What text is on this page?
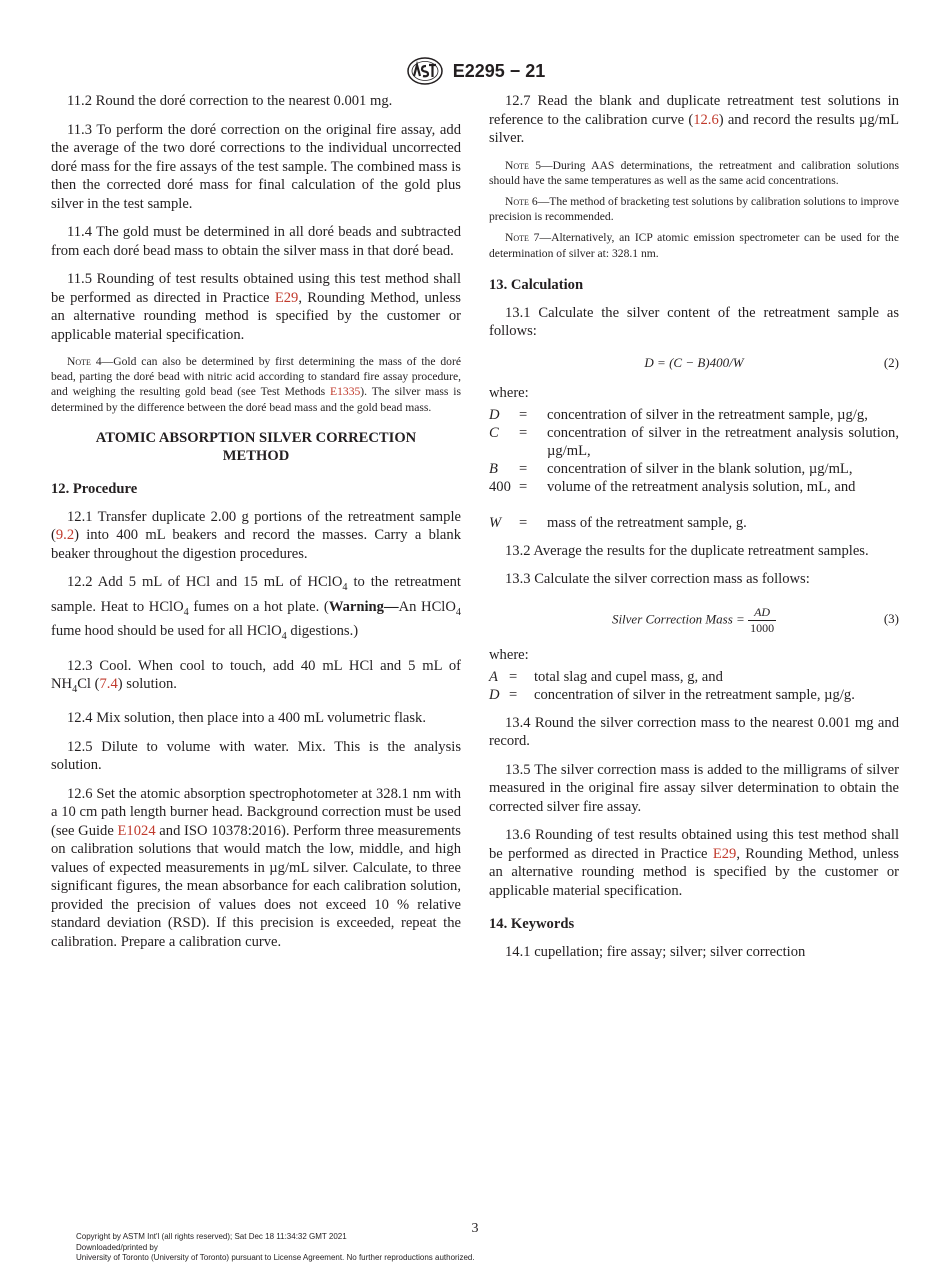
E2295 − 21

11.2 Round the doré correction to the nearest 0.001 mg.

11.3 To perform the doré correction on the original fire assay, add the average of the two doré corrections to the individual uncorrected doré mass for the fire assays of the test sample. The combined mass is then the corrected doré mass for final calculation of the gold plus silver in the test sample.

11.4 The gold must be determined in all doré beads and subtracted from each doré bead mass to obtain the silver mass in that doré bead.

11.5 Rounding of test results obtained using this test method shall be performed as directed in Practice E29, Rounding Method, unless an alternative rounding method is specified by the customer or applicable material specification.

Note 4—Gold can also be determined by first determining the mass of the doré bead, parting the doré bead with nitric acid according to standard fire assay procedure, and weighing the resulting gold bead (see Test Methods E1335). The silver mass is determined by the difference between the doré bead mass and the gold bead mass.

ATOMIC ABSORPTION SILVER CORRECTION
METHOD
12. Procedure

12.1 Transfer duplicate 2.00 g portions of the retreatment sample (9.2) into 400 mL beakers and record the masses. Carry a blank beaker throughout the digestion procedures.

12.2 Add 5 mL of HCl and 15 mL of HClO$_4$ to the retreatment sample. Heat to HClO$_4$ fumes on a hot plate. (Warning—An HClO$_4$ fume hood should be used for all HClO$_4$ digestions.)

12.3 Cool. When cool to touch, add 40 mL HCl and 5 mL of $NH_4Cl$ (7.4) solution.

12.4 Mix solution, then place into a 400 mL volumetric flask.

12.5 Dilute to volume with water. Mix. This is the analysis solution.

12.6 Set the atomic absorption spectrophotometer at 328.1 nm with a 10 cm path length burner head. Background correction must be used (see Guide E1024 and ISO 10378:2016). Perform three measurements on calibration solutions that would match the low, middle, and high values of expected measurements in µg/mL silver. Calculate, to three significant figures, the mean absorbance for each calibration solution, provided the precision of values does not exceed 10 % relative standard deviation (RSD). If this precision is exceeded, repeat the calibration. Prepare a calibration curve.

12.7 Read the blank and duplicate retreatment test solutions in reference to the calibration curve (12.6) and record the results µg/mL silver.

Note 5—During AAS determinations, the retreatment and calibration solutions should have the same temperatures as well as the same acid concentrations.

Note 6—The method of bracketing test solutions by calibration solutions to improve precision is recommended.

Note 7—Alternatively, an ICP atomic emission spectrometer can be used for the determination of silver at: 328.1 nm.

13. Calculation

13.1 Calculate the silver content of the retreatment sample as follows:

D = (C − B)400/W	(2)
where:
D	=	concentration of silver in the retreatment sample, µg/g,
C	=	concentration of silver in the retreatment analysis solution, µg/mL,
B	=	concentration of silver in the blank solution, µg/mL,
400 =	volume of the retreatment analysis solution, mL, and
W	=	mass of the retreatment sample, g.

13.2 Average the results for the duplicate retreatment samples.

13.3 Calculate the silver correction mass as follows:

Silver Correction Mass = $\frac{AD}{1000}$	(3)
where:
A =	total slag and cupel mass, g, and
D =	concentration of silver in the retreatment sample, µg/g.

13.4 Round the silver correction mass to the nearest 0.001 mg and record.

13.5 The silver correction mass is added to the milligrams of silver measured in the original fire assay silver determination to obtain the corrected silver fire assay.

13.6 Rounding of test results obtained using this test method shall be performed as directed in Practice E29, Rounding Method, unless an alternative rounding method is specified by the customer or applicable material specification.

14. Keywords

14.1 cupellation; fire assay; silver; silver correction

3
Copyright by ASTM Int'l (all rights reserved); Sat Dec 18 11:34:32 GMT 2021
Downloaded/printed by
University of Toronto (University of Toronto) pursuant to License Agreement. No further reproductions authorized.
